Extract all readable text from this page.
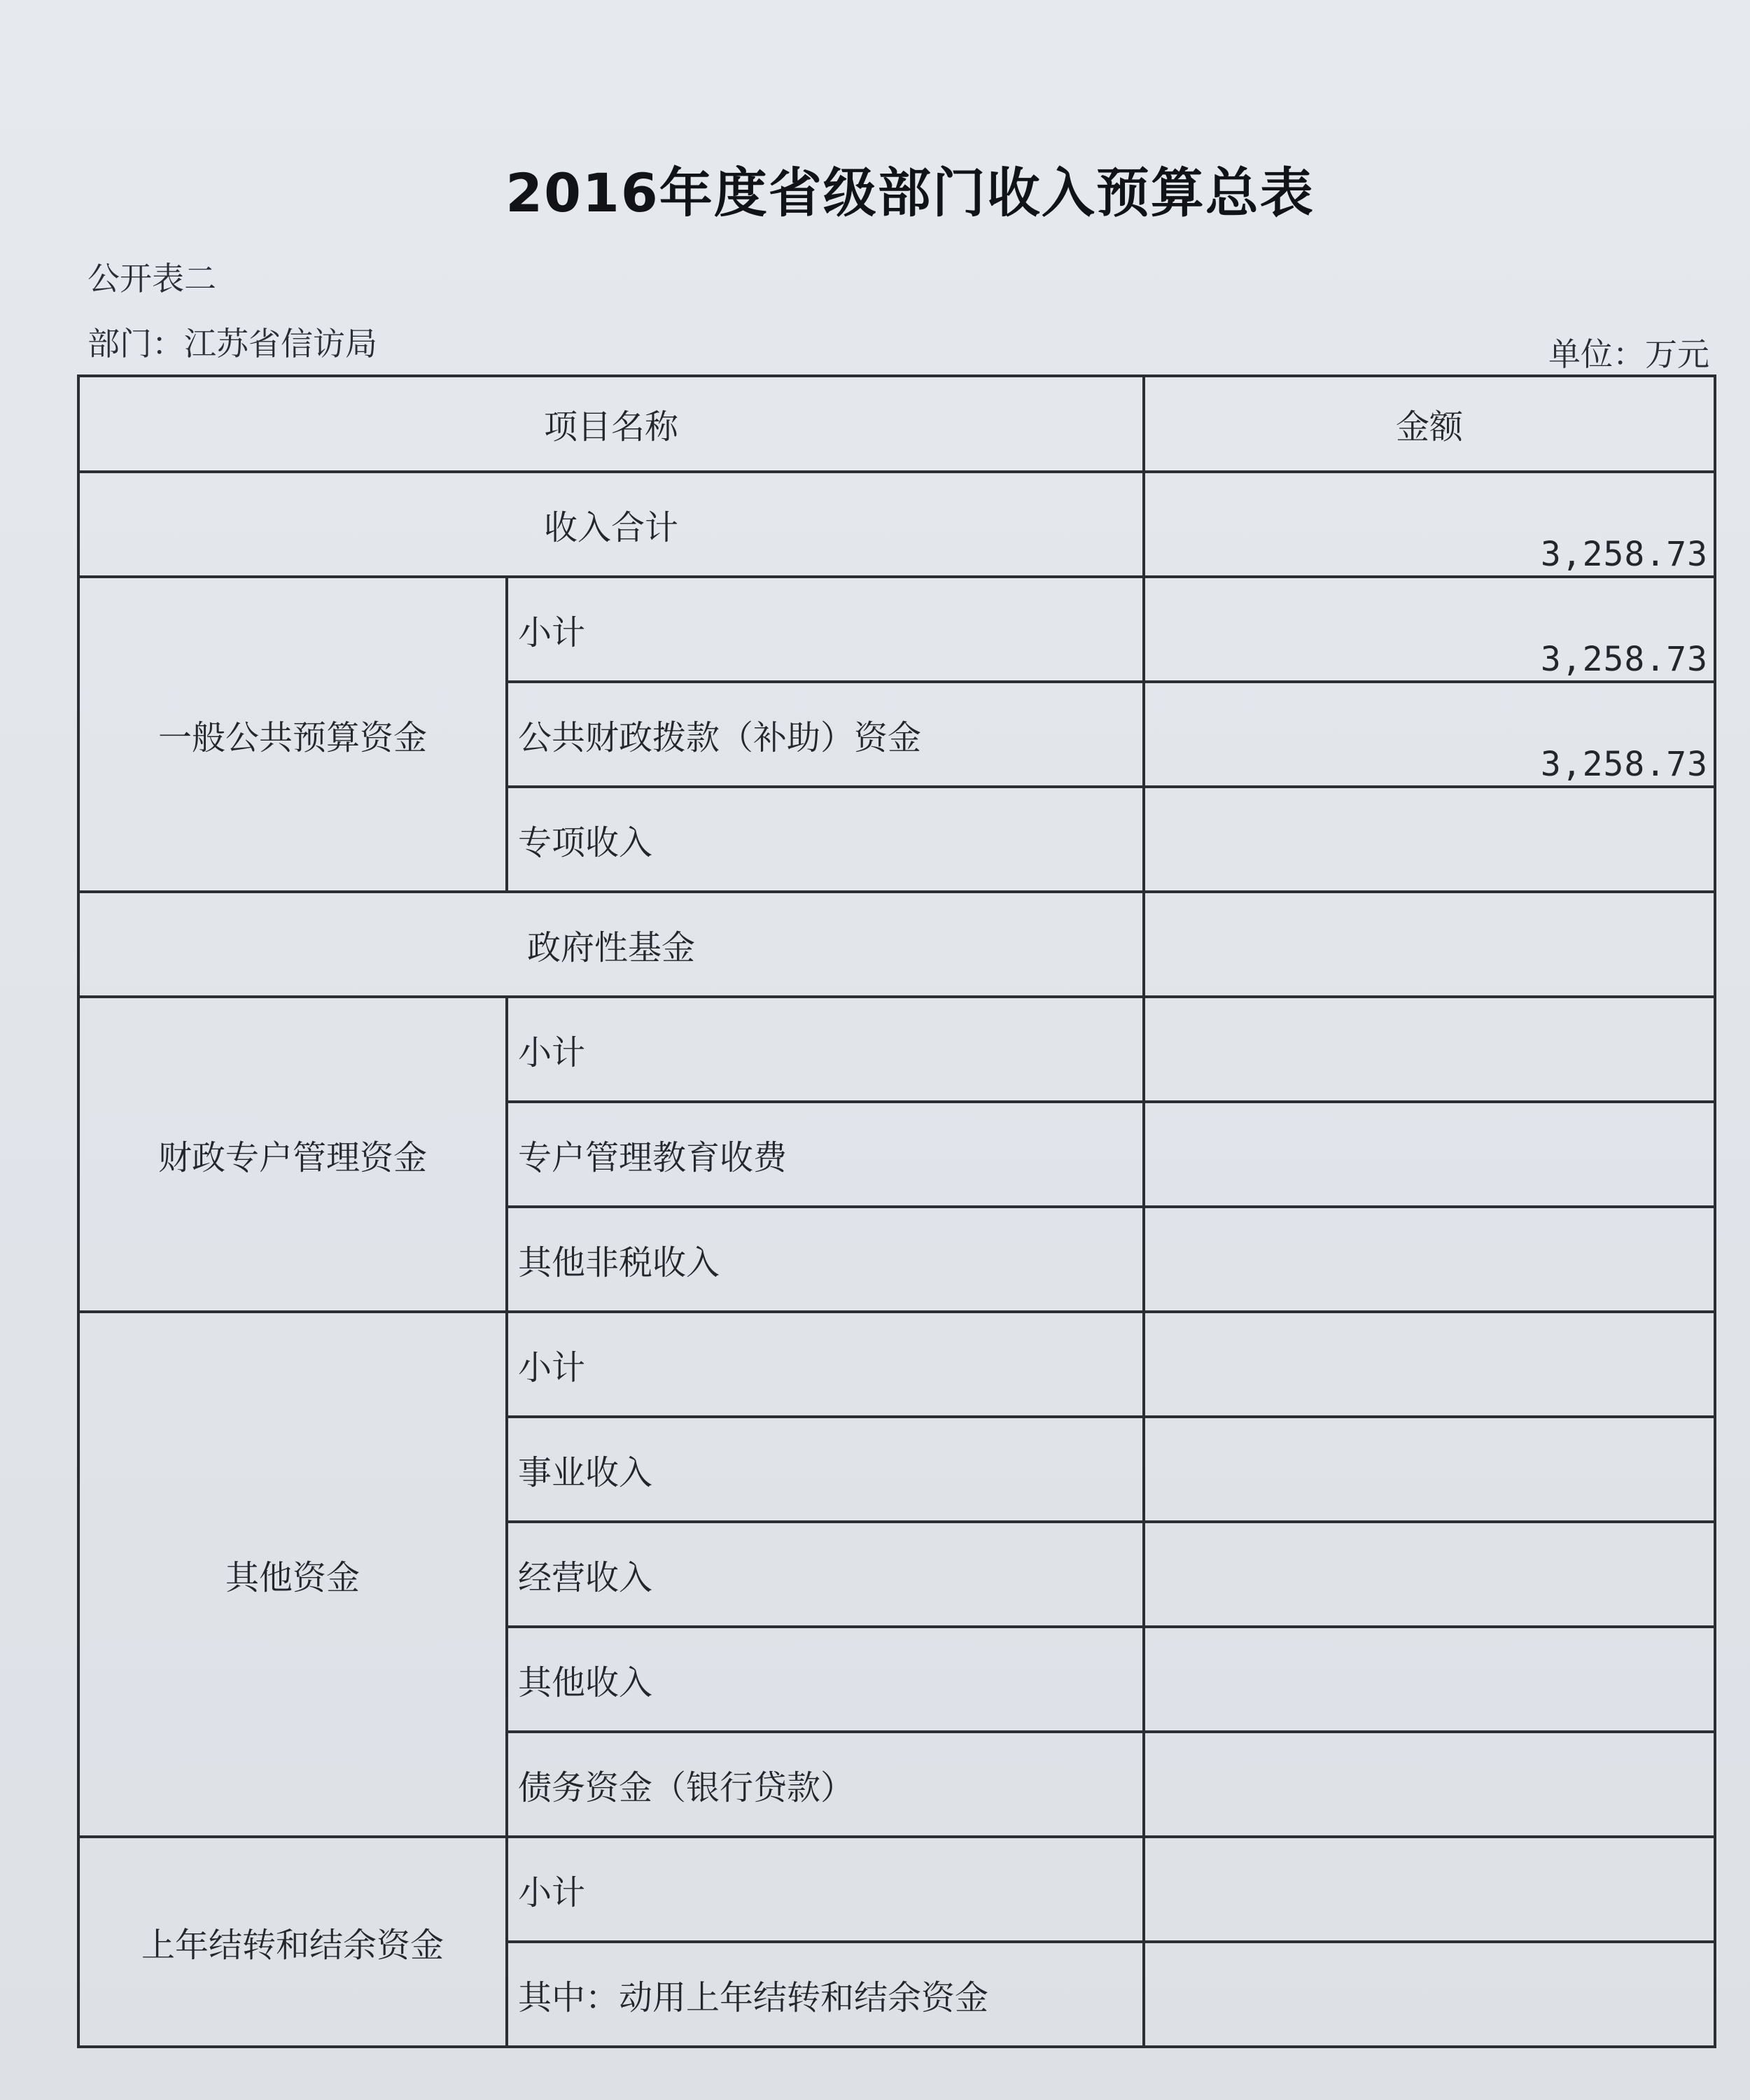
2016年度省级部门收入预算总表
公开表二
部门：江苏省信访局	单位：万元
项目名称		金额
收入合计		3,258.73
一般公共预算资金	小计	3,258.73
	公共财政拨款（补助）资金	3,258.73
	专项收入	
政府性基金		
财政专户管理资金	小计	
	专户管理教育收费	
	其他非税收入	
其他资金	小计	
	事业收入	
	经营收入	
	其他收入	
	债务资金（银行贷款）	
上年结转和结余资金	小计	
	其中：动用上年结转和结余资金	
